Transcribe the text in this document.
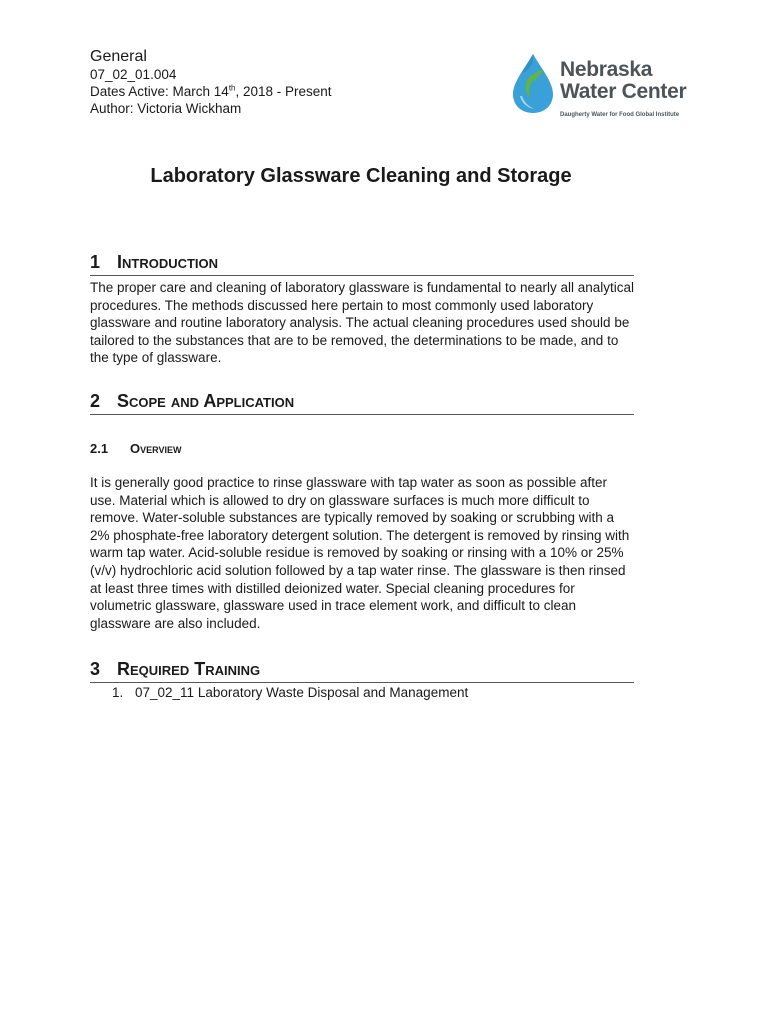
General
07_02_01.004
Dates Active: March 14th, 2018 - Present
Author: Victoria Wickham
Nebraska
Water Center
Daugherty Water for Food Global Institute
Laboratory Glassware Cleaning and Storage
1 Introduction
The proper care and cleaning of laboratory glassware is fundamental to nearly all analytical procedures. The methods discussed here pertain to most commonly used laboratory glassware and routine laboratory analysis. The actual cleaning procedures used should be tailored to the substances that are to be removed, the determinations to be made, and to the type of glassware.
2 Scope and Application
2.1 Overview
It is generally good practice to rinse glassware with tap water as soon as possible after use. Material which is allowed to dry on glassware surfaces is much more difficult to remove. Water-soluble substances are typically removed by soaking or scrubbing with a 2% phosphate-free laboratory detergent solution. The detergent is removed by rinsing with warm tap water. Acid-soluble residue is removed by soaking or rinsing with a 10% or 25% (v/v) hydrochloric acid solution followed by a tap water rinse. The glassware is then rinsed at least three times with distilled deionized water. Special cleaning procedures for volumetric glassware, glassware used in trace element work, and difficult to clean glassware are also included.
3 Required Training
1. 07_02_11 Laboratory Waste Disposal and Management
